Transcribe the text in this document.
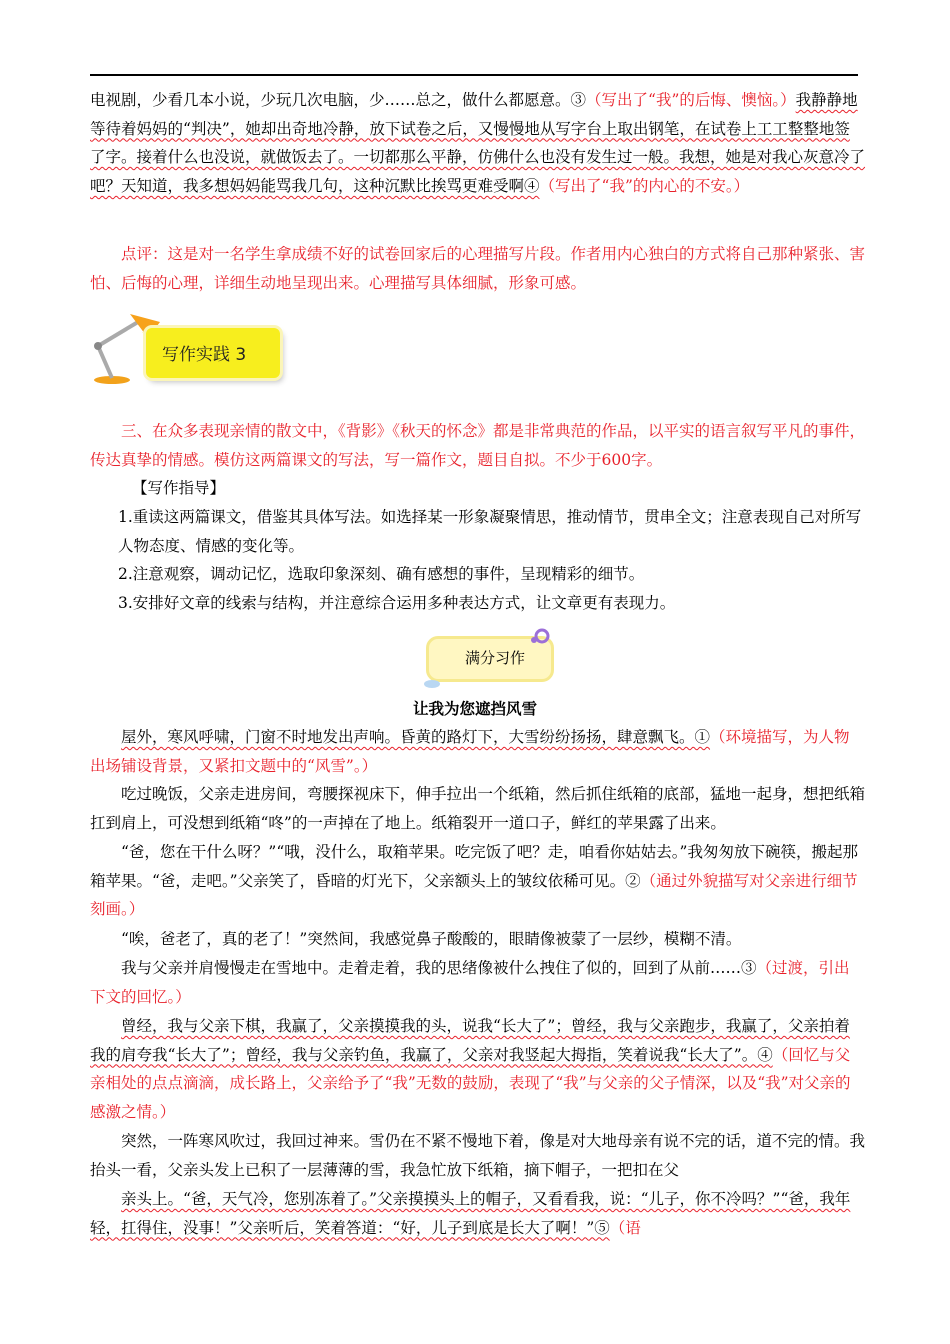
电视剧，少看几本小说，少玩几次电脑，少……总之，做什么都愿意。③（写出了“我”的后悔、懊恼。）我静静地等待着妈妈的“判决”，她却出奇地冷静，放下试卷之后，又慢慢地从写字台上取出钢笔，在试卷上工工整整地签了字。接着什么也没说，就做饭去了。一切都那么平静，仿佛什么也没有发生过一般。我想，她是对我心灰意冷了吧？天知道，我多想妈妈能骂我几句，这种沉默比挨骂更难受啊④（写出了“我”的内心的不安。）

点评：这是对一名学生拿成绩不好的试卷回家后的心理描写片段。作者用内心独白的方式将自己那种紧张、害怕、后悔的心理，详细生动地呈现出来。心理描写具体细腻，形象可感。

写作实践 3

三、在众多表现亲情的散文中，《背影》《秋天的怀念》都是非常典范的作品，以平实的语言叙写平凡的事件，传达真挚的情感。模仿这两篇课文的写法，写一篇作文，题目自拟。不少于600字。

【写作指导】

1.重读这两篇课文，借鉴其具体写法。如选择某一形象凝聚情思，推动情节，贯串全文；注意表现自己对所写人物态度、情感的变化等。

2.注意观察，调动记忆，选取印象深刻、确有感想的事件，呈现精彩的细节。

3.安排好文章的线索与结构，并注意综合运用多种表达方式，让文章更有表现力。

满分习作
让我为您遮挡风雪

屋外，寒风呼啸，门窗不时地发出声响。昏黄的路灯下，大雪纷纷扬扬，肆意飘飞。①（环境描写，为人物出场铺设背景，又紧扣文题中的“风雪”。）

吃过晚饭，父亲走进房间，弯腰探视床下，伸手拉出一个纸箱，然后抓住纸箱的底部，猛地一起身，想把纸箱扛到肩上，可没想到纸箱“咚”的一声掉在了地上。纸箱裂开一道口子，鲜红的苹果露了出来。

“爸，您在干什么呀？”“哦，没什么，取箱苹果。吃完饭了吧？走，咱看你姑姑去。”我匆匆放下碗筷，搬起那箱苹果。“爸，走吧。”父亲笑了，昏暗的灯光下，父亲额头上的皱纹依稀可见。②（通过外貌描写对父亲进行细节刻画。）

“唉，爸老了，真的老了！”突然间，我感觉鼻子酸酸的，眼睛像被蒙了一层纱，模糊不清。

我与父亲并肩慢慢走在雪地中。走着走着，我的思绪像被什么拽住了似的，回到了从前……③（过渡，引出下文的回忆。）

曾经，我与父亲下棋，我赢了，父亲摸摸我的头，说我“长大了”；曾经，我与父亲跑步，我赢了，父亲拍着我的肩夸我“长大了”；曾经，我与父亲钓鱼，我赢了，父亲对我竖起大拇指，笑着说我“长大了”。④（回忆与父亲相处的点点滴滴，成长路上，父亲给予了“我”无数的鼓励，表现了“我”与父亲的父子情深，以及“我”对父亲的感激之情。）

突然，一阵寒风吹过，我回过神来。雪仍在不紧不慢地下着，像是对大地母亲有说不完的话，道不完的情。我抬头一看，父亲头发上已积了一层薄薄的雪，我急忙放下纸箱，摘下帽子，一把扣在父

亲头上。“爸，天气冷，您别冻着了。”父亲摸摸头上的帽子，又看看我，说：“儿子，你不冷吗？”“爸，我年轻，扛得住，没事！”父亲听后，笑着答道：“好，儿子到底是长大了啊！”⑤（语
